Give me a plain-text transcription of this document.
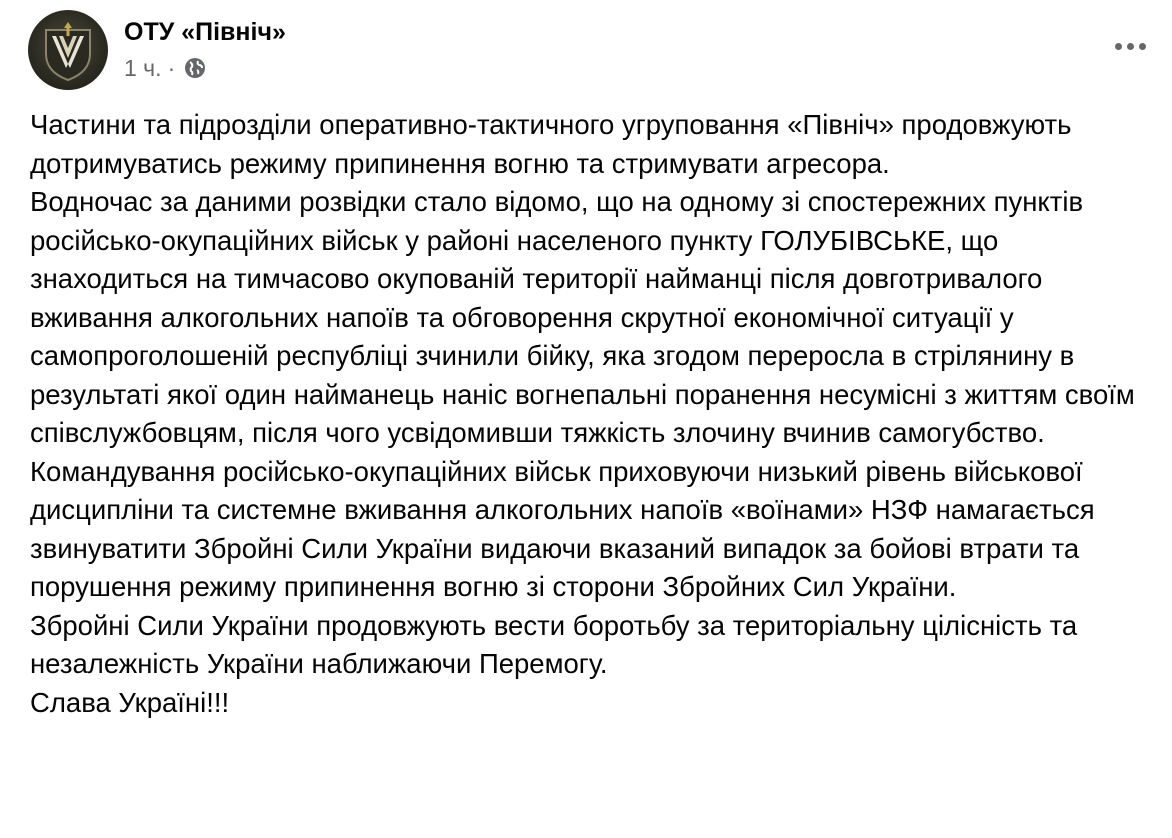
ОТУ «Північ»
1 ч. ·

Частини та підрозділи оперативно-тактичного угруповання «Північ» продовжують дотримуватись режиму припинення вогню та стримувати агресора.

Водночас за даними розвідки стало відомо, що на одному зі спостережних пунктів російсько-окупаційних військ у районі населеного пункту ГОЛУБІВСЬКЕ, що знаходиться на тимчасово окупованій території найманці після довготривалого вживання алкогольних напоїв та обговорення скрутної економічної ситуації у самопроголошеній республіці зчинили бійку, яка згодом переросла в стрілянину в результаті якої один найманець наніс вогнепальні поранення несумісні з життям своїм співслужбовцям, після чого усвідомивши тяжкість злочину вчинив самогубство.

Командування російсько-окупаційних військ приховуючи низький рівень військової дисципліни та системне вживання алкогольних напоїв «воїнами» НЗФ намагається звинуватити Збройні Сили України видаючи вказаний випадок за бойові втрати та порушення режиму припинення вогню зі сторони Збройних Сил України.

Збройні Сили України продовжують вести боротьбу за територіальну цілісність та незалежність України наближаючи Перемогу.

Слава Україні!!!
